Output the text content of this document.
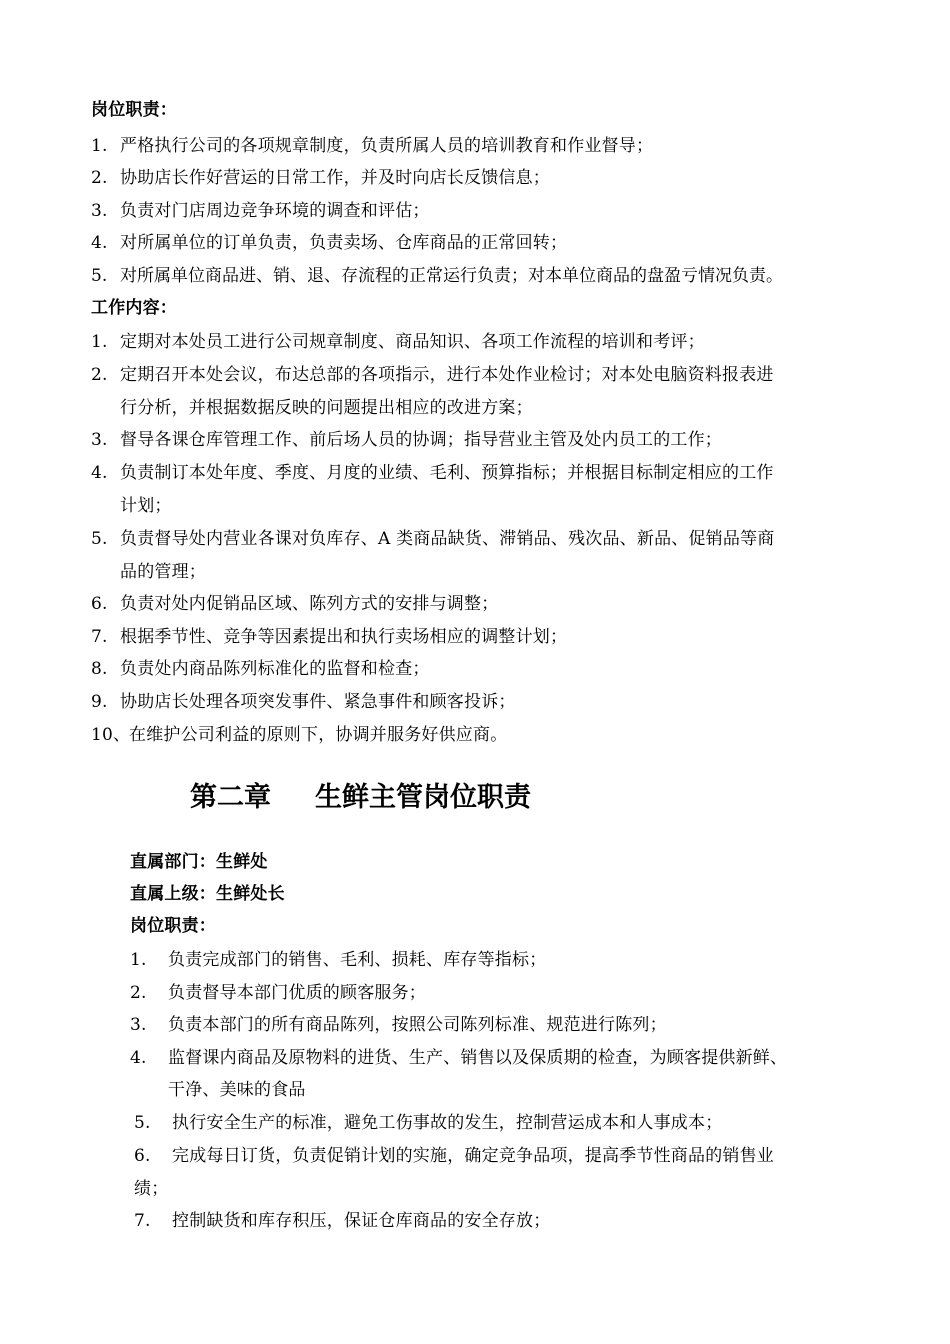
岗位职责：
1. 严格执行公司的各项规章制度，负责所属人员的培训教育和作业督导；
2. 协助店长作好营运的日常工作，并及时向店长反馈信息；
3. 负责对门店周边竞争环境的调查和评估；
4. 对所属单位的订单负责，负责卖场、仓库商品的正常回转；
5. 对所属单位商品进、销、退、存流程的正常运行负责；对本单位商品的盘盈亏情况负责。
工作内容：
1. 定期对本处员工进行公司规章制度、商品知识、各项工作流程的培训和考评；
2. 定期召开本处会议，布达总部的各项指示，进行本处作业检讨；对本处电脑资料报表进
行分析，并根据数据反映的问题提出相应的改进方案；
3. 督导各课仓库管理工作、前后场人员的协调；指导营业主管及处内员工的工作；
4. 负责制订本处年度、季度、月度的业绩、毛利、预算指标；并根据目标制定相应的工作
计划；
5. 负责督导处内营业各课对负库存、A 类商品缺货、滞销品、残次品、新品、促销品等商
品的管理；
6. 负责对处内促销品区域、陈列方式的安排与调整；
7. 根据季节性、竞争等因素提出和执行卖场相应的调整计划；
8. 负责处内商品陈列标准化的监督和检查；
9. 协助店长处理各项突发事件、紧急事件和顾客投诉；
10、在维护公司利益的原则下，协调并服务好供应商。
第二章 生鲜主管岗位职责
直属部门：生鲜处
直属上级：生鲜处长
岗位职责：
1. 负责完成部门的销售、毛利、损耗、库存等指标；
2. 负责督导本部门优质的顾客服务；
3. 负责本部门的所有商品陈列，按照公司陈列标准、规范进行陈列；
4. 监督课内商品及原物料的进货、生产、销售以及保质期的检查，为顾客提供新鲜、
干净、美味的食品
5. 执行安全生产的标准，避免工伤事故的发生，控制营运成本和人事成本；
6. 完成每日订货，负责促销计划的实施，确定竞争品项，提高季节性商品的销售业
绩；
7. 控制缺货和库存积压，保证仓库商品的安全存放；
